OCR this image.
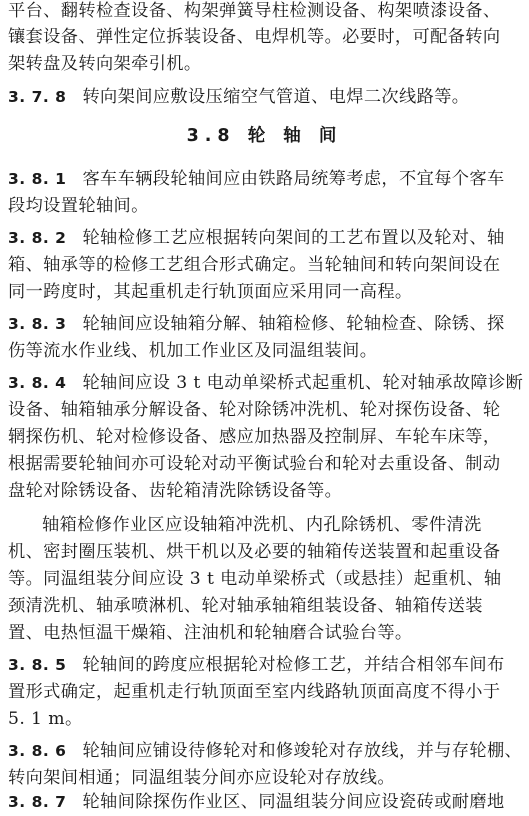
平台、翻转检查设备、构架弹簧导柱检测设备、构架喷漆设备、
镶套设备、弹性定位拆装设备、电焊机等。必要时，可配备转向
架转盘及转向架牵引机。
3. 7. 8 转向架间应敷设压缩空气管道、电焊二次线路等。
3.8 轮 轴 间
3. 8. 1 客车车辆段轮轴间应由铁路局统筹考虑，不宜每个客车
段均设置轮轴间。
3. 8. 2 轮轴检修工艺应根据转向架间的工艺布置以及轮对、轴
箱、轴承等的检修工艺组合形式确定。当轮轴间和转向架间设在
同一跨度时，其起重机走行轨顶面应采用同一高程。
3. 8. 3 轮轴间应设轴箱分解、轴箱检修、轮轴检查、除锈、探
伤等流水作业线、机加工作业区及同温组装间。
3. 8. 4 轮轴间应设 3 t 电动单梁桥式起重机、轮对轴承故障诊断
设备、轴箱轴承分解设备、轮对除锈冲洗机、轮对探伤设备、轮
辋探伤机、轮对检修设备、感应加热器及控制屏、车轮车床等，
根据需要轮轴间亦可设轮对动平衡试验台和轮对去重设备、制动
盘轮对除锈设备、齿轮箱清洗除锈设备等。
轴箱检修作业区应设轴箱冲洗机、内孔除锈机、零件清洗
机、密封圈压装机、烘干机以及必要的轴箱传送装置和起重设备
等。同温组装分间应设 3 t 电动单梁桥式（或悬挂）起重机、轴
颈清洗机、轴承喷淋机、轮对轴承轴箱组装设备、轴箱传送装
置、电热恒温干燥箱、注油机和轮轴磨合试验台等。
3. 8. 5 轮轴间的跨度应根据轮对检修工艺，并结合相邻车间布
置形式确定，起重机走行轨顶面至室内线路轨顶面高度不得小于
5. 1 m。
3. 8. 6 轮轴间应铺设待修轮对和修竣轮对存放线，并与存轮棚、
转向架间相通；同温组装分间亦应设轮对存放线。
3. 8. 7 轮轴间除探伤作业区、同温组装分间应设瓷砖或耐磨地
